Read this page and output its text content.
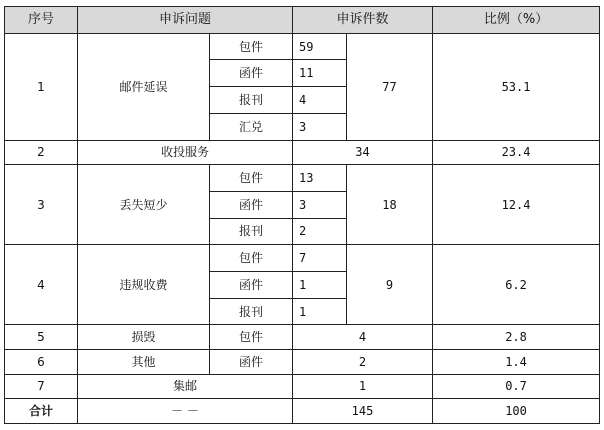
序号	申诉问题		申诉件数		比例（%）
1	邮件延误	包件	59	77	53.1
		函件	11		
		报刊	4		
		汇兑	3		
2	收投服务		34		23.4
3	丢失短少	包件	13	18	12.4
		函件	3		
		报刊	2		
4	违规收费	包件	7	9	6.2
		函件	1		
		报刊	1		
5	损毁	包件	4		2.8
6	其他	函件	2		1.4
7	集邮		1		0.7
合计	－ －		145		100
